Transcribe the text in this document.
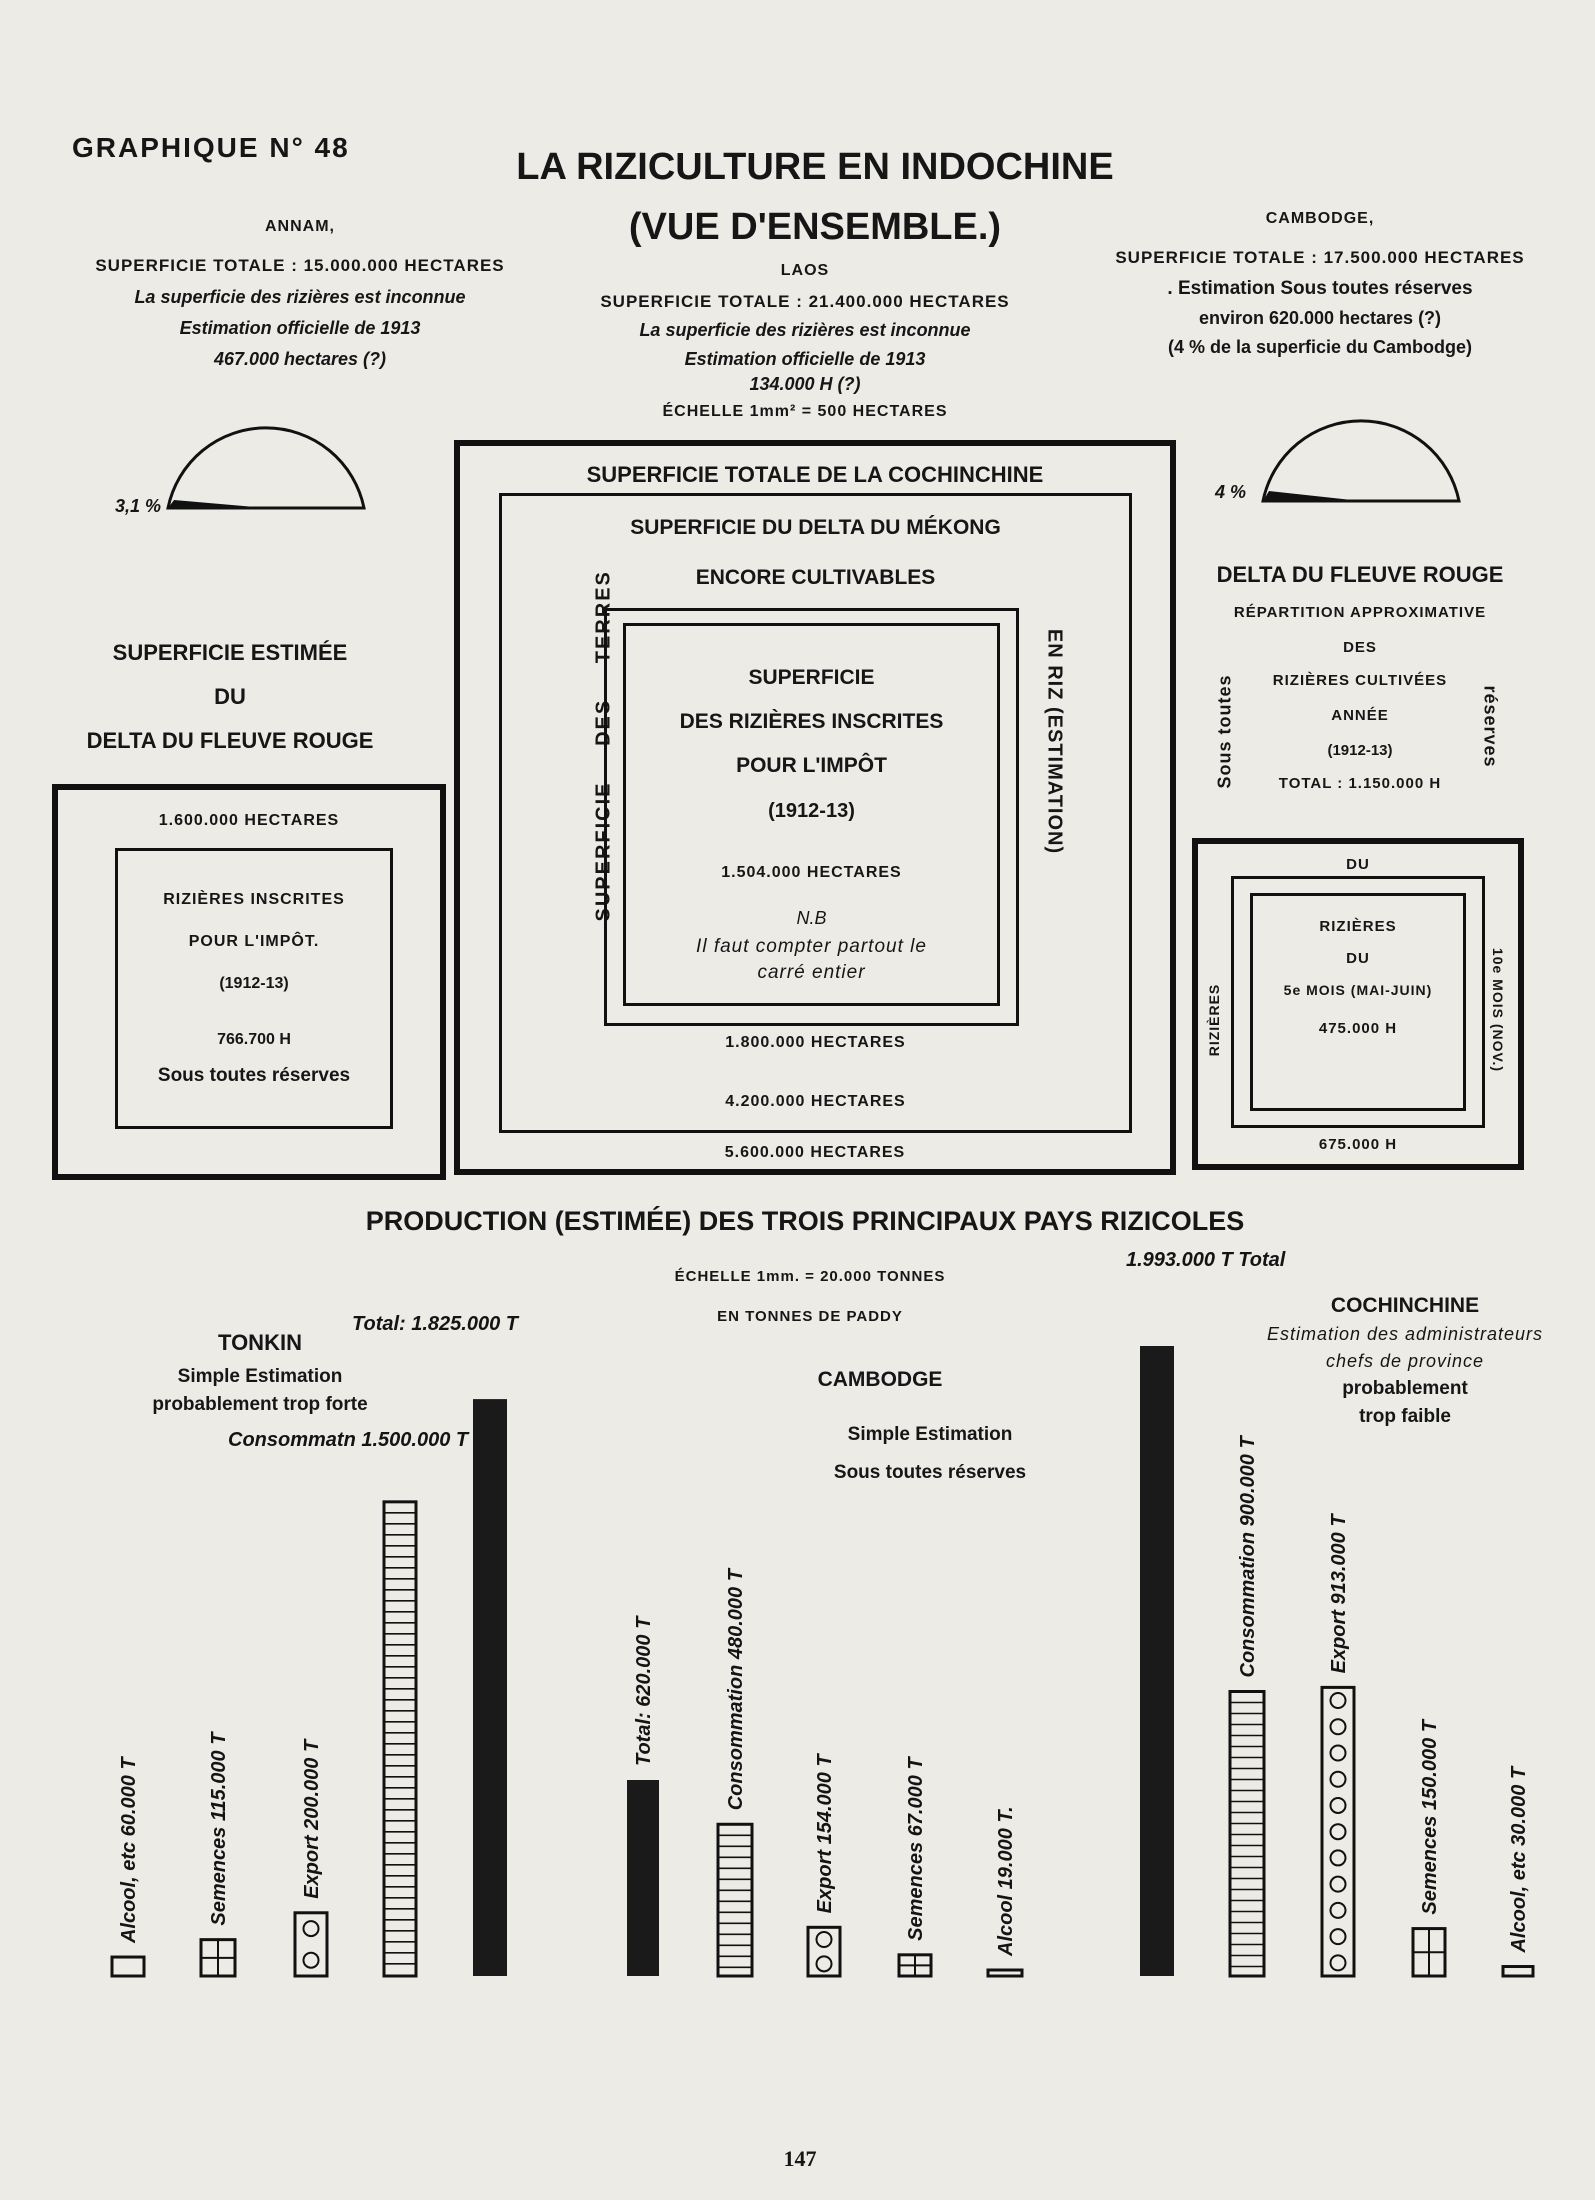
GRAPHIQUE N° 48	LA RIZICULTURE EN INDOCHINE
(VUE D'ENSEMBLE.)
ANNAM,
SUPERFICIE TOTALE : 15.000.000 HECTARES
La superficie des rizières est inconnue
Estimation officielle de 1913
467.000 hectares (?)
3,1 %
LAOS
SUPERFICIE TOTALE : 21.400.000 HECTARES
La superficie des rizières est inconnue
Estimation officielle de 1913
134.000 H (?)
ÉCHELLE 1mm² = 500 HECTARES
CAMBODGE,
SUPERFICIE TOTALE : 17.500.000 HECTARES
. Estimation Sous toutes réserves
environ 620.000 hectares (?)
(4 % de la superficie du Cambodge)
4 %
SUPERFICIE ESTIMÉE
DU
DELTA DU FLEUVE ROUGE
1.600.000 HECTARES
RIZIÈRES INSCRITES
POUR L'IMPÔT.
(1912-13)
766.700 H
Sous toutes réserves
SUPERFICIE TOTALE DE LA COCHINCHINE
SUPERFICIE DU DELTA DU MÉKONG
ENCORE CULTIVABLES
SUPERFICIE DES TERRES	EN RIZ (ESTIMATION)
SUPERFICIE
DES RIZIÈRES INSCRITES
POUR L'IMPÔT
(1912-13)
1.504.000 HECTARES
N.B
Il faut compter partout le
carré entier
1.800.000 HECTARES
4.200.000 HECTARES
5.600.000 HECTARES
DELTA DU FLEUVE ROUGE
RÉPARTITION APPROXIMATIVE
DES
RIZIÈRES CULTIVÉES
ANNÉE
(1912-13)
TOTAL : 1.150.000 H
Sous toutes	réserves
DU
RIZIÈRES	10e MOIS (NOV.)
RIZIÈRES
DU
5e MOIS (MAI-JUIN)
475.000 H
675.000 H
PRODUCTION (ESTIMÉE) DES TROIS PRINCIPAUX PAYS RIZICOLES
ÉCHELLE 1mm. = 20.000 TONNES
EN TONNES DE PADDY
TONKIN
Simple Estimation
probablement trop forte
CAMBODGE
Simple Estimation
Sous toutes réserves
COCHINCHINE
Estimation des administrateurs
chefs de province
probablement
trop faible
Alcool, etc 60.000 T	Semences 115.000 T	Export 200.000 T
Consommatn 1.500.000 T
Total: 1.825.000 T
Total: 620.000 T	Consommation 480.000 T
Export 154.000 T	Semences 67.000 T	Alcool 19.000 T.
1.993.000 T Total
Consommation 900.000 T	Export 913.000 T
Semences 150.000 T	Alcool, etc 30.000 T
147
